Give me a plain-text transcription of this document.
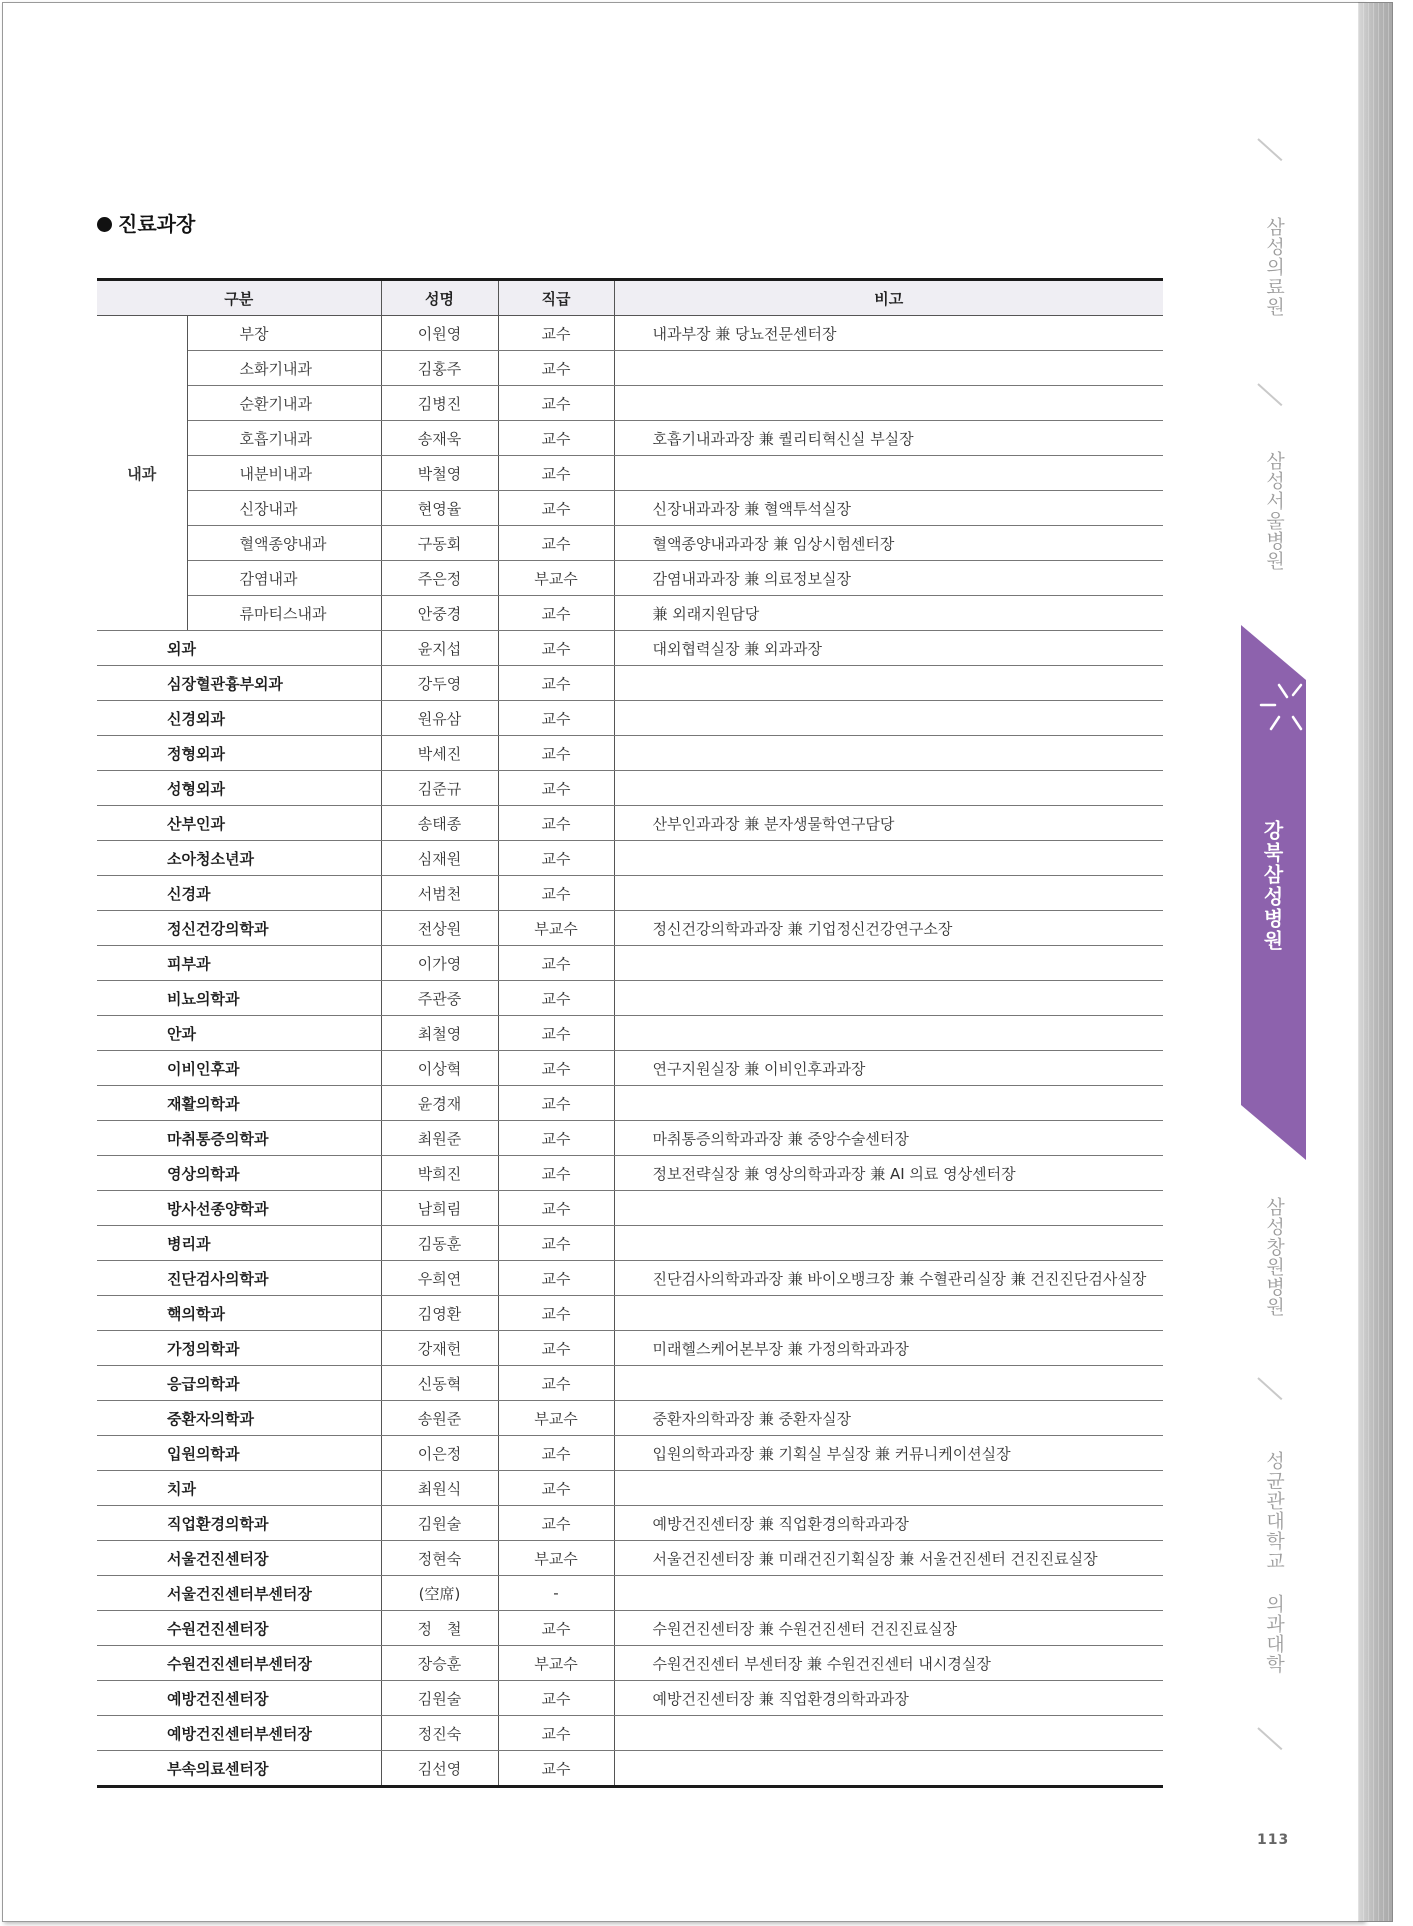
진료과장
구분		성명	직급	비고
내과	부장	이원영	교수	내과부장 兼 당뇨전문센터장
	소화기내과	김홍주	교수	
	순환기내과	김병진	교수	
	호흡기내과	송재욱	교수	호흡기내과과장 兼 퀄리티혁신실 부실장
	내분비내과	박철영	교수	
	신장내과	현영율	교수	신장내과과장 兼 혈액투석실장
	혈액종양내과	구동회	교수	혈액종양내과과장 兼 임상시험센터장
	감염내과	주은정	부교수	감염내과과장 兼 의료정보실장
	류마티스내과	안중경	교수	兼 외래지원담당
외과		윤지섭	교수	대외협력실장 兼 외과과장
심장혈관흉부외과		강두영	교수	
신경외과		원유삼	교수	
정형외과		박세진	교수	
성형외과		김준규	교수	
산부인과		송태종	교수	산부인과과장 兼 분자생물학연구담당
소아청소년과		심재원	교수	
신경과		서범천	교수	
정신건강의학과		전상원	부교수	정신건강의학과과장 兼 기업정신건강연구소장
피부과		이가영	교수	
비뇨의학과		주관중	교수	
안과		최철영	교수	
이비인후과		이상혁	교수	연구지원실장 兼 이비인후과과장
재활의학과		윤경재	교수	
마취통증의학과		최원준	교수	마취통증의학과과장 兼 중앙수술센터장
영상의학과		박희진	교수	정보전략실장 兼 영상의학과과장 兼 AI 의료 영상센터장
방사선종양학과		남희림	교수	
병리과		김동훈	교수	
진단검사의학과		우희연	교수	진단검사의학과과장 兼 바이오뱅크장 兼 수혈관리실장 兼 건진진단검사실장
핵의학과		김영환	교수	
가정의학과		강재헌	교수	미래헬스케어본부장 兼 가정의학과과장
응급의학과		신동혁	교수	
중환자의학과		송원준	부교수	중환자의학과장 兼 중환자실장
입원의학과		이은정	교수	입원의학과과장 兼 기획실 부실장 兼 커뮤니케이션실장
치과		최원식	교수	
직업환경의학과		김원술	교수	예방건진센터장 兼 직업환경의학과과장
서울건진센터장		정현숙	부교수	서울건진센터장 兼 미래건진기획실장 兼 서울건진센터 건진진료실장
서울건진센터부센터장		(空席)	-	
수원건진센터장		정　철	교수	수원건진센터장 兼 수원건진센터 건진진료실장
수원건진센터부센터장		장승훈	부교수	수원건진센터 부센터장 兼 수원건진센터 내시경실장
예방건진센터장		김원술	교수	예방건진센터장 兼 직업환경의학과과장
예방건진센터부센터장		정진숙	교수	
부속의료센터장		김선영	교수	
삼성의료원
삼성서울병원
강북삼성병원
삼성창원병원
성균관대학교 의과대학
113
